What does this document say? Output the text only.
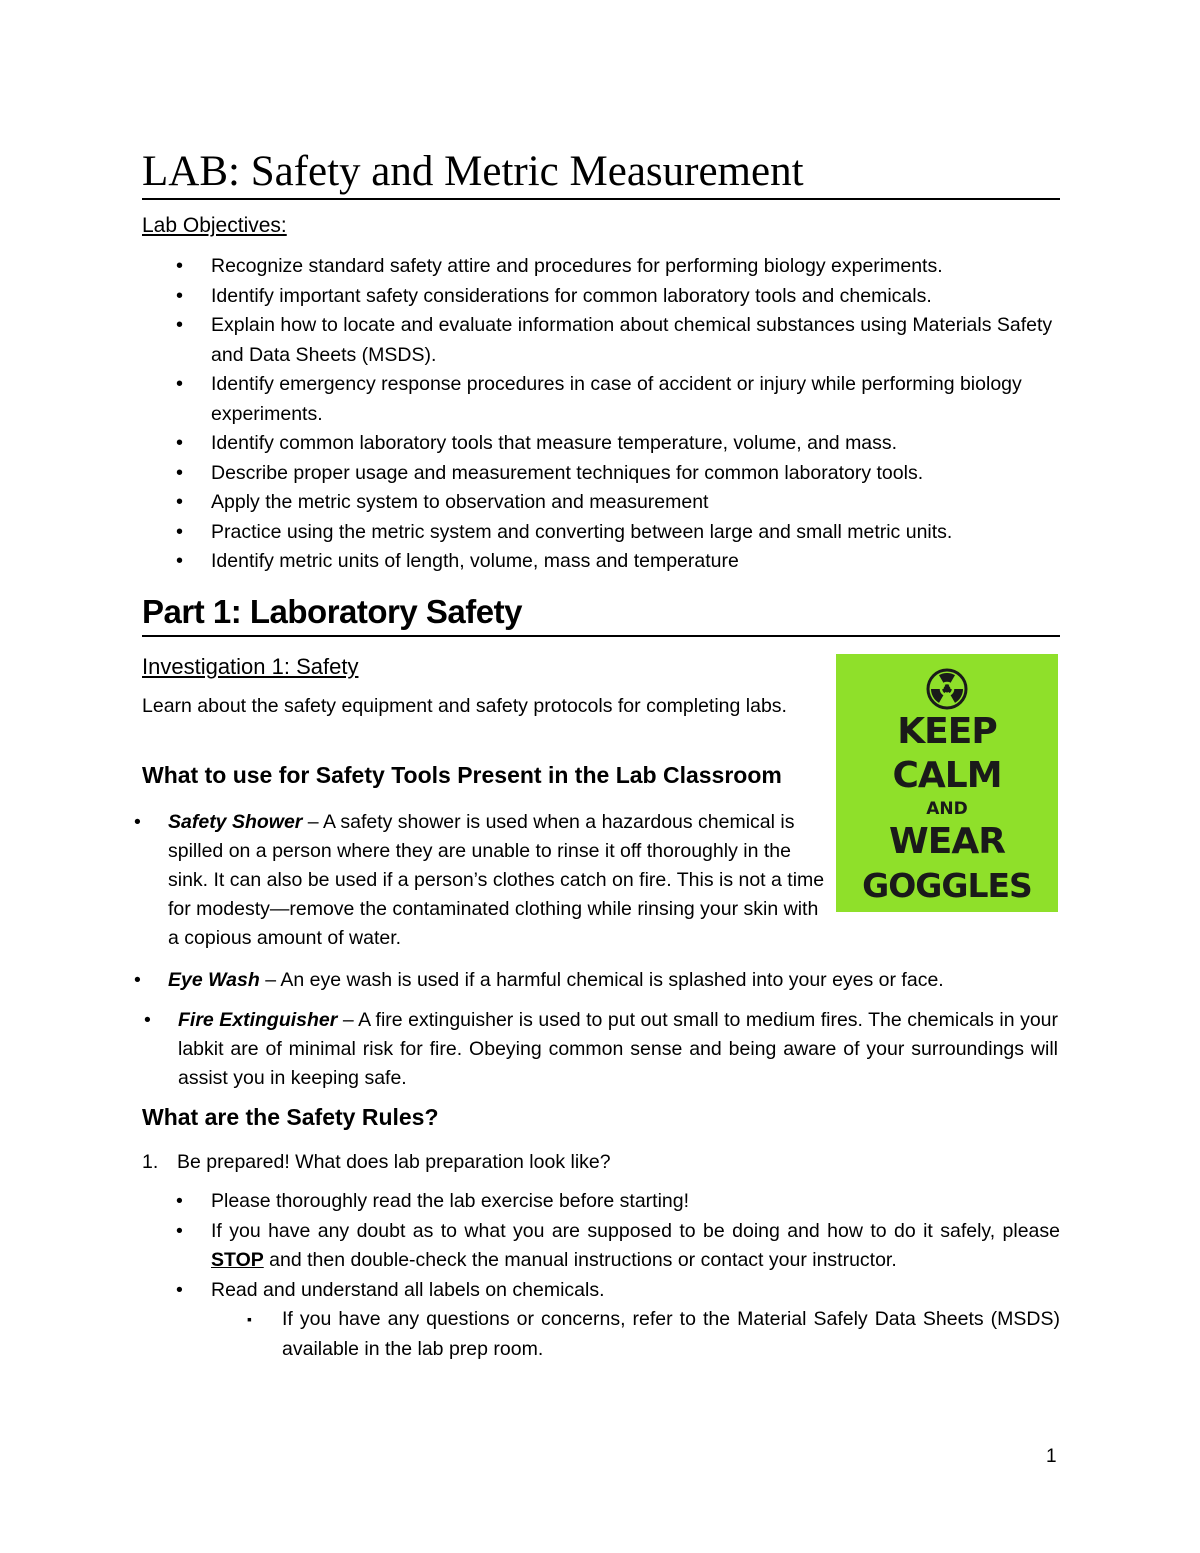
LAB: Safety and Metric Measurement
Lab Objectives:
• Recognize standard safety attire and procedures for performing biology experiments.
• Identify important safety considerations for common laboratory tools and chemicals.
• Explain how to locate and evaluate information about chemical substances using Materials Safety and Data Sheets (MSDS).
• Identify emergency response procedures in case of accident or injury while performing biology experiments.
• Identify common laboratory tools that measure temperature, volume, and mass.
• Describe proper usage and measurement techniques for common laboratory tools.
• Apply the metric system to observation and measurement
• Practice using the metric system and converting between large and small metric units.
• Identify metric units of length, volume, mass and temperature
Part 1: Laboratory Safety
Investigation 1: Safety

Learn about the safety equipment and safety protocols for completing labs.

What to use for Safety Tools Present in the Lab Classroom
KEEP
CALM
AND
WEAR
GOGGLES

• Safety Shower – A safety shower is used when a hazardous chemical is spilled on a person where they are unable to rinse it off thoroughly in the sink. It can also be used if a person’s clothes catch on fire. This is not a time for modesty—remove the contaminated clothing while rinsing your skin with a copious amount of water.

• Eye Wash – An eye wash is used if a harmful chemical is splashed into your eyes or face.

• Fire Extinguisher – A fire extinguisher is used to put out small to medium fires. The chemicals in your labkit are of minimal risk for fire. Obeying common sense and being aware of your surroundings will assist you in keeping safe.

What are the Safety Rules?
1. Be prepared! What does lab preparation look like?
• Please thoroughly read the lab exercise before starting!
• If you have any doubt as to what you are supposed to be doing and how to do it safely, please STOP and then double-check the manual instructions or contact your instructor.
• Read and understand all labels on chemicals.
▪ If you have any questions or concerns, refer to the Material Safely Data Sheets (MSDS) available in the lab prep room.
1
